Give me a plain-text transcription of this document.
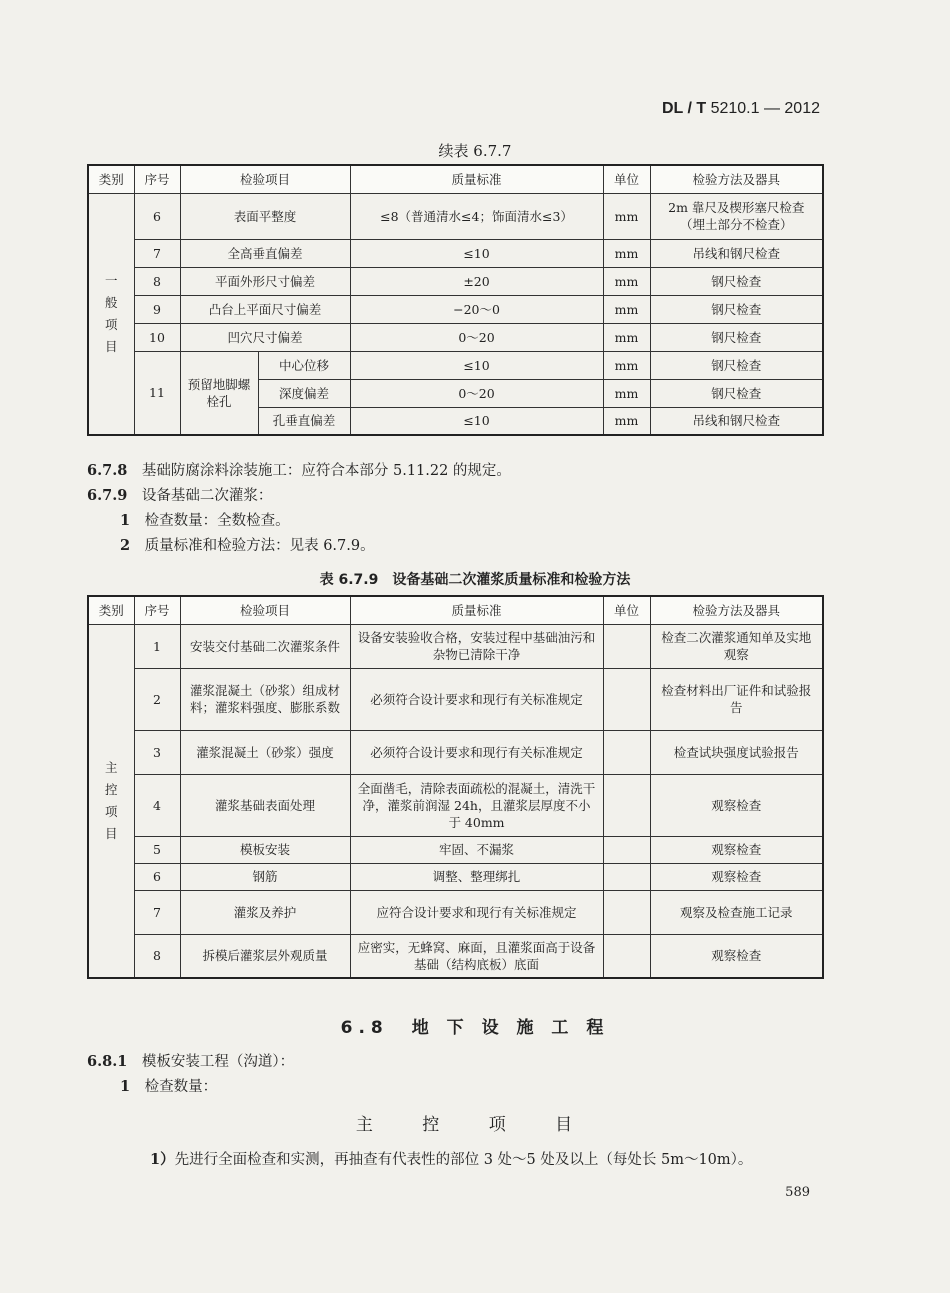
DL / T 5210.1 — 2012
续表 6.7.7
类别	序号	检验项目		质量标准	单位	检验方法及器具
一
般
项
目	6	表面平整度		≤8（普通清水≤4；饰面清水≤3）	mm	2m 靠尺及楔形塞尺检查（埋土部分不检查）
	7	全高垂直偏差		≤10	mm	吊线和钢尺检查
	8	平面外形尺寸偏差		±20	mm	钢尺检查
	9	凸台上平面尺寸偏差		−20～0	mm	钢尺检查
	10	凹穴尺寸偏差		0～20	mm	钢尺检查
	11	预留地脚螺栓孔	中心位移	≤10	mm	钢尺检查
			深度偏差	0～20	mm	钢尺检查
			孔垂直偏差	≤10	mm	吊线和钢尺检查
6.7.8　 基础防腐涂料涂装施工：应符合本部分 5.11.22 的规定。
6.7.9　 设备基础二次灌浆：
1　 检查数量：全数检查。
2　 质量标准和检验方法：见表 6.7.9。
表 6.7.9　设备基础二次灌浆质量标准和检验方法
类别	序号	检验项目	质量标准	单位	检验方法及器具
主
控
项
目	1	安装交付基础二次灌浆条件	设备安装验收合格，安装过程中基础油污和杂物已清除干净		检查二次灌浆通知单及实地观察
	2	灌浆混凝土（砂浆）组成材料；灌浆料强度、膨胀系数	必须符合设计要求和现行有关标准规定		检查材料出厂证件和试验报告
	3	灌浆混凝土（砂浆）强度	必须符合设计要求和现行有关标准规定		检查试块强度试验报告
	4	灌浆基础表面处理	全面凿毛，清除表面疏松的混凝土，清洗干净，灌浆前润湿 24h，且灌浆层厚度不小于 40mm		观察检查
	5	模板安装	牢固、不漏浆		观察检查
	6	钢筋	调整、整理绑扎		观察检查
	7	灌浆及养护	应符合设计要求和现行有关标准规定		观察及检查施工记录
	8	拆模后灌浆层外观质量	应密实，无蜂窝、麻面，且灌浆面高于设备基础（结构底板）底面		观察检查
6.8　地 下 设 施 工 程
6.8.1　 模板安装工程（沟道）：
1　 检查数量：
主 控 项 目
1）先进行全面检查和实测，再抽查有代表性的部位 3 处～5 处及以上（每处长 5m～10m）。
589
